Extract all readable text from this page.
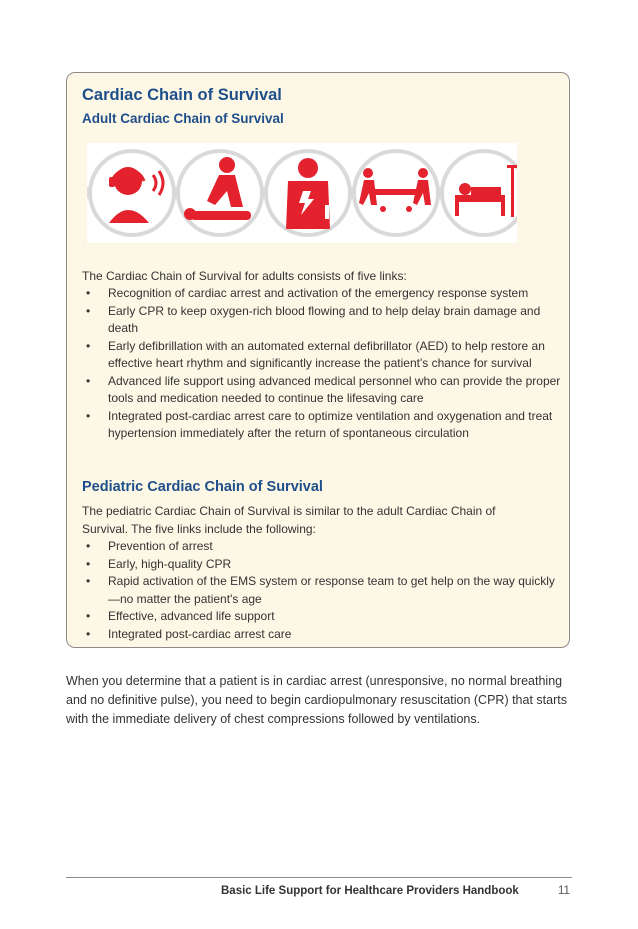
Cardiac Chain of Survival
Adult Cardiac Chain of Survival
The Cardiac Chain of Survival for adults consists of five links:
• Recognition of cardiac arrest and activation of the emergency response system
• Early CPR to keep oxygen-rich blood flowing and to help delay brain damage and death
• Early defibrillation with an automated external defibrillator (AED) to help restore an effective heart rhythm and significantly increase the patient's chance for survival
• Advanced life support using advanced medical personnel who can provide the proper tools and medication needed to continue the lifesaving care
• Integrated post-cardiac arrest care to optimize ventilation and oxygenation and treat hypertension immediately after the return of spontaneous circulation
Pediatric Cardiac Chain of Survival
The pediatric Cardiac Chain of Survival is similar to the adult Cardiac Chain of Survival. The five links include the following:
• Prevention of arrest
• Early, high-quality CPR
• Rapid activation of the EMS system or response team to get help on the way quickly—no matter the patient's age
• Effective, advanced life support
• Integrated post-cardiac arrest care

When you determine that a patient is in cardiac arrest (unresponsive, no normal breathing and no definitive pulse), you need to begin cardiopulmonary resuscitation (CPR) that starts with the immediate delivery of chest compressions followed by ventilations.

Basic Life Support for Healthcare Providers Handbook	11
